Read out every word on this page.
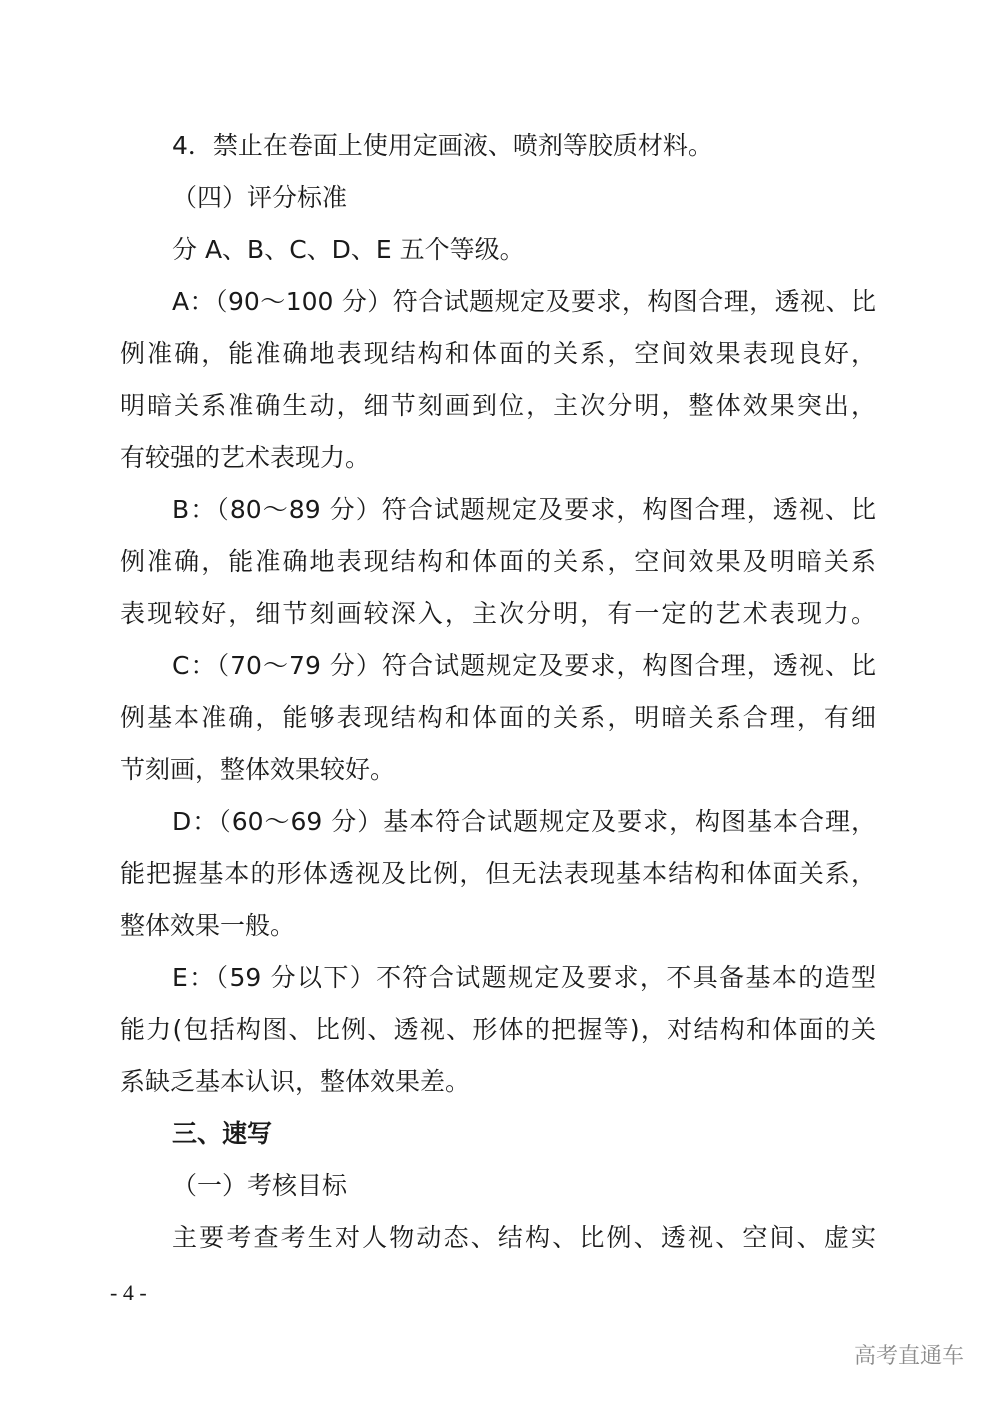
4．禁止在卷面上使用定画液、喷剂等胶质材料。
（四）评分标准
分 A、B、C、D、E 五个等级。
A：（90～100 分）符合试题规定及要求，构图合理，透视、比
例准确，能准确地表现结构和体面的关系，空间效果表现良好，
明暗关系准确生动，细节刻画到位，主次分明，整体效果突出，
有较强的艺术表现力。
B：（80～89 分）符合试题规定及要求，构图合理，透视、比
例准确，能准确地表现结构和体面的关系，空间效果及明暗关系
表现较好，细节刻画较深入，主次分明，有一定的艺术表现力。
C：（70～79 分）符合试题规定及要求，构图合理，透视、比
例基本准确，能够表现结构和体面的关系，明暗关系合理，有细
节刻画，整体效果较好。
D：（60～69 分）基本符合试题规定及要求，构图基本合理，
能把握基本的形体透视及比例，但无法表现基本结构和体面关系，
整体效果一般。
E：（59 分以下）不符合试题规定及要求，不具备基本的造型
能力(包括构图、比例、透视、形体的把握等)，对结构和体面的关
系缺乏基本认识，整体效果差。
三、速写
（一）考核目标
主要考查考生对人物动态、结构、比例、透视、空间、虚实
- 4 -
高考直通车
